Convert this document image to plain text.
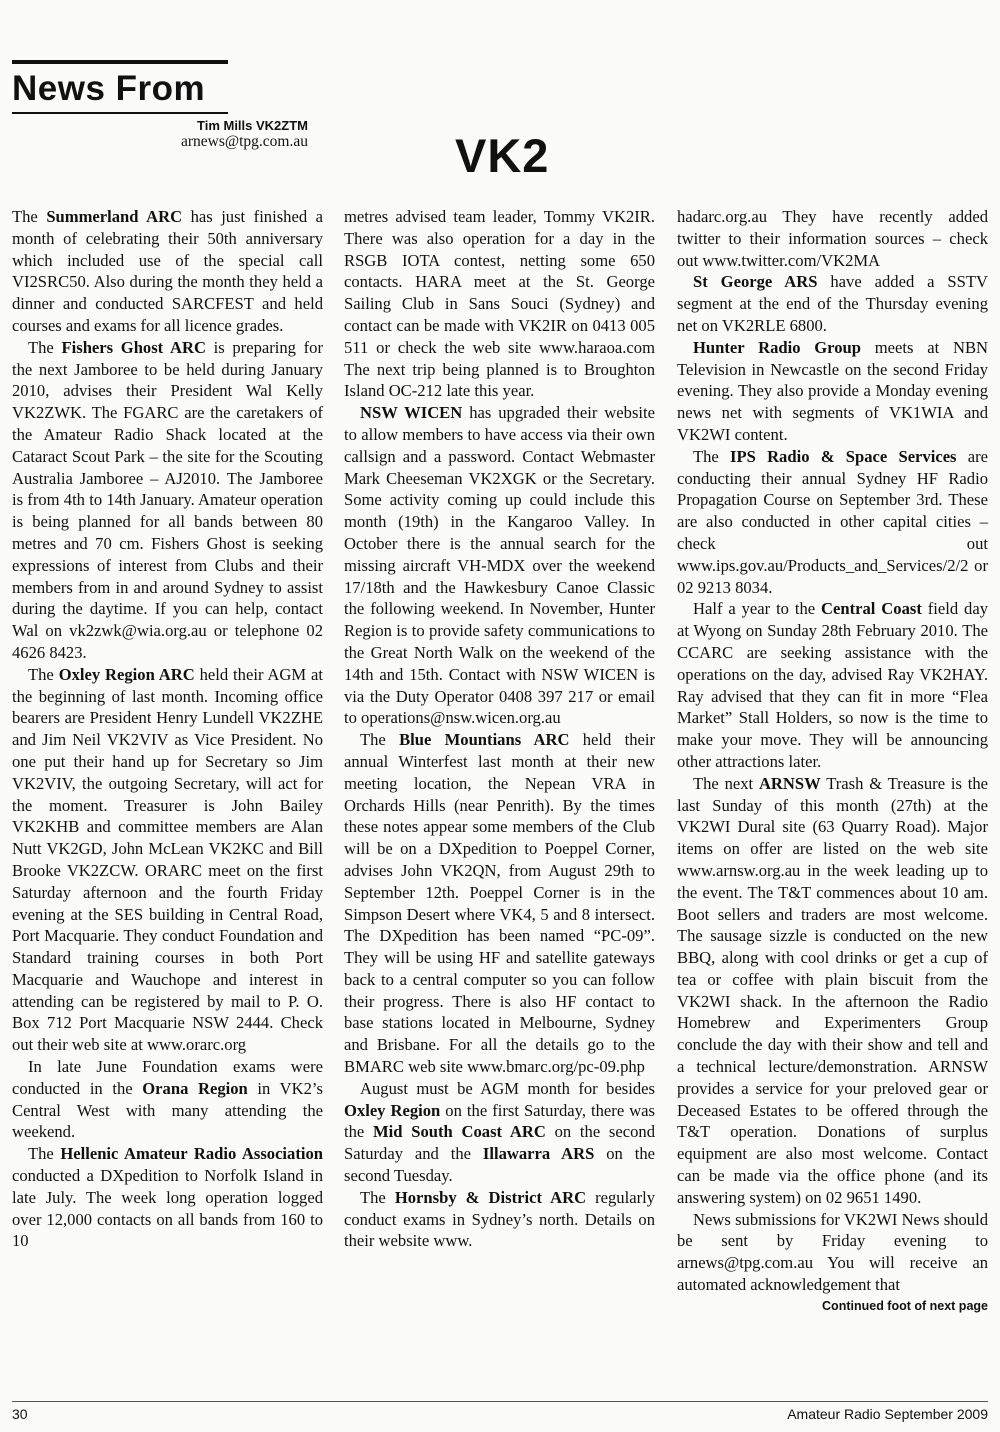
News From
Tim Mills VK2ZTM
arnews@tpg.com.au	VK2

The Summerland ARC has just finished a month of celebrating their 50th anniversary which included use of the special call VI2SRC50. Also during the month they held a dinner and conducted SARCFEST and held courses and exams for all licence grades.

The Fishers Ghost ARC is preparing for the next Jamboree to be held during January 2010, advises their President Wal Kelly VK2ZWK. The FGARC are the caretakers of the Amateur Radio Shack located at the Cataract Scout Park – the site for the Scouting Australia Jamboree – AJ2010. The Jamboree is from 4th to 14th January. Amateur operation is being planned for all bands between 80 metres and 70 cm. Fishers Ghost is seeking expressions of interest from Clubs and their members from in and around Sydney to assist during the daytime. If you can help, contact Wal on vk2zwk@wia.org.au or telephone 02 4626 8423.

The Oxley Region ARC held their AGM at the beginning of last month. Incoming office bearers are President Henry Lundell VK2ZHE and Jim Neil VK2VIV as Vice President. No one put their hand up for Secretary so Jim VK2VIV, the outgoing Secretary, will act for the moment. Treasurer is John Bailey VK2KHB and committee members are Alan Nutt VK2GD, John McLean VK2KC and Bill Brooke VK2ZCW. ORARC meet on the first Saturday afternoon and the fourth Friday evening at the SES building in Central Road, Port Macquarie. They conduct Foundation and Standard training courses in both Port Macquarie and Wauchope and interest in attending can be registered by mail to P. O. Box 712 Port Macquarie NSW 2444. Check out their web site at www.orarc.org

In late June Foundation exams were conducted in the Orana Region in VK2’s Central West with many attending the weekend.

The Hellenic Amateur Radio Association conducted a DXpedition to Norfolk Island in late July. The week long operation logged over 12,000 contacts on all bands from 160 to 10

metres advised team leader, Tommy VK2IR. There was also operation for a day in the RSGB IOTA contest, netting some 650 contacts. HARA meet at the St. George Sailing Club in Sans Souci (Sydney) and contact can be made with VK2IR on 0413 005 511 or check the web site www.haraoa.com The next trip being planned is to Broughton Island OC-212 late this year.

NSW WICEN has upgraded their website to allow members to have access via their own callsign and a password. Contact Webmaster Mark Cheeseman VK2XGK or the Secretary. Some activity coming up could include this month (19th) in the Kangaroo Valley. In October there is the annual search for the missing aircraft VH-MDX over the weekend 17/18th and the Hawkesbury Canoe Classic the following weekend. In November, Hunter Region is to provide safety communications to the Great North Walk on the weekend of the 14th and 15th. Contact with NSW WICEN is via the Duty Operator 0408 397 217 or email to operations@nsw.wicen.org.au

The Blue Mountians ARC held their annual Winterfest last month at their new meeting location, the Nepean VRA in Orchards Hills (near Penrith). By the times these notes appear some members of the Club will be on a DXpedition to Poeppel Corner, advises John VK2QN, from August 29th to September 12th. Poeppel Corner is in the Simpson Desert where VK4, 5 and 8 intersect. The DXpedition has been named “PC-09”. They will be using HF and satellite gateways back to a central computer so you can follow their progress. There is also HF contact to base stations located in Melbourne, Sydney and Brisbane. For all the details go to the BMARC web site www.bmarc.org/pc-09.php

August must be AGM month for besides Oxley Region on the first Saturday, there was the Mid South Coast ARC on the second Saturday and the Illawarra ARS on the second Tuesday.

The Hornsby & District ARC regularly conduct exams in Sydney’s north. Details on their website www.

hadarc.org.au They have recently added twitter to their information sources – check out www.twitter.com/VK2MA

St George ARS have added a SSTV segment at the end of the Thursday evening net on VK2RLE 6800.

Hunter Radio Group meets at NBN Television in Newcastle on the second Friday evening. They also provide a Monday evening news net with segments of VK1WIA and VK2WI content.

The IPS Radio & Space Services are conducting their annual Sydney HF Radio Propagation Course on September 3rd. These are also conducted in other capital cities – check out www.ips.gov.au/Products_and_Services/2/2 or 02 9213 8034.

Half a year to the Central Coast field day at Wyong on Sunday 28th February 2010. The CCARC are seeking assistance with the operations on the day, advised Ray VK2HAY. Ray advised that they can fit in more “Flea Market” Stall Holders, so now is the time to make your move. They will be announcing other attractions later.

The next ARNSW Trash & Treasure is the last Sunday of this month (27th) at the VK2WI Dural site (63 Quarry Road). Major items on offer are listed on the web site www.arnsw.org.au in the week leading up to the event. The T&T commences about 10 am. Boot sellers and traders are most welcome. The sausage sizzle is conducted on the new BBQ, along with cool drinks or get a cup of tea or coffee with plain biscuit from the VK2WI shack. In the afternoon the Radio Homebrew and Experimenters Group conclude the day with their show and tell and a technical lecture/demonstration. ARNSW provides a service for your preloved gear or Deceased Estates to be offered through the T&T operation. Donations of surplus equipment are also most welcome. Contact can be made via the office phone (and its answering system) on 02 9651 1490.

News submissions for VK2WI News should be sent by Friday evening to arnews@tpg.com.au You will receive an automated acknowledgement that

Continued foot of next page
30	Amateur Radio September 2009
